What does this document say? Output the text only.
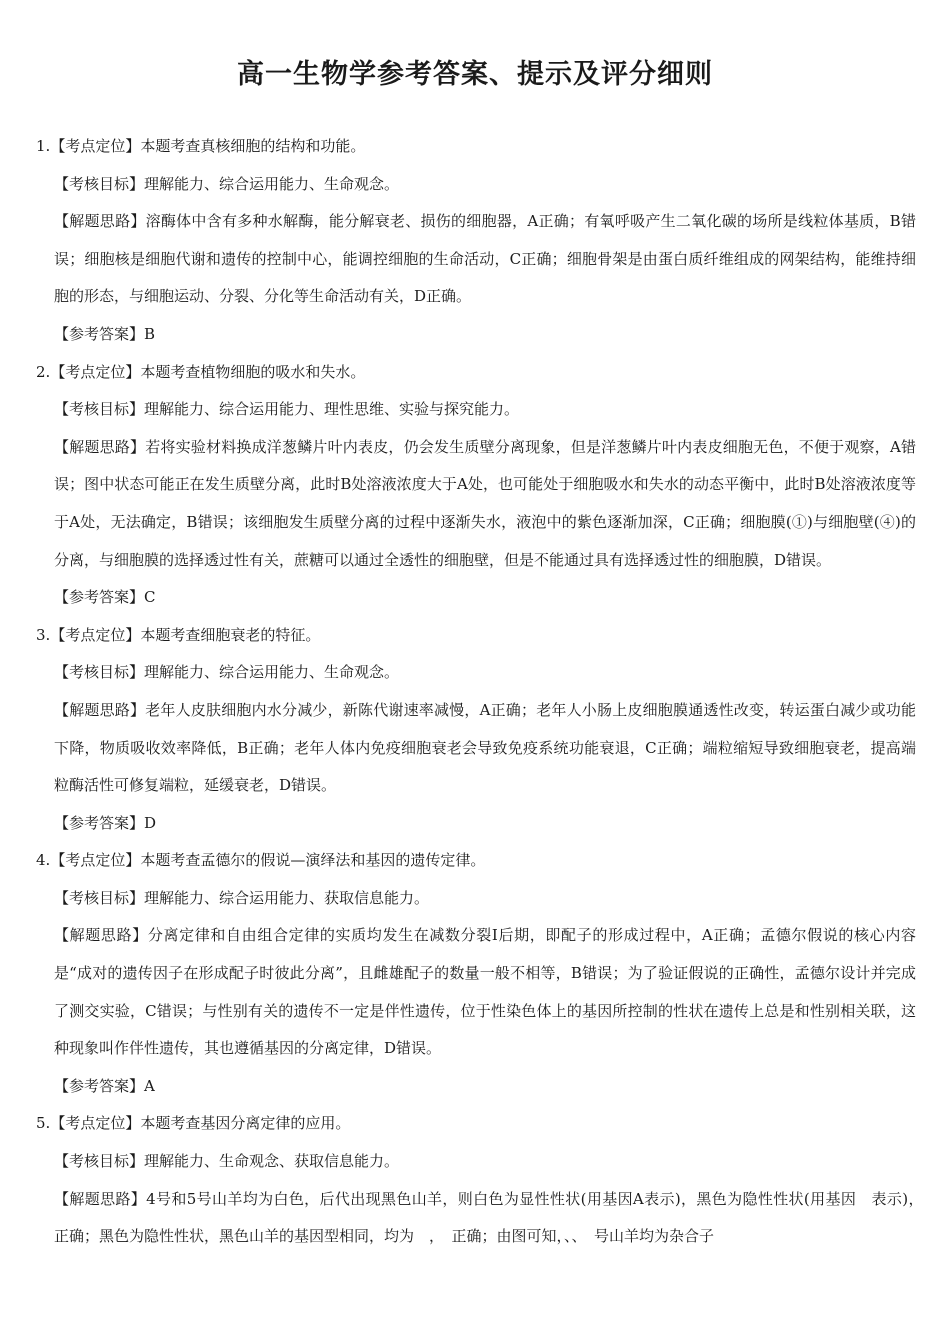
高一生物学参考答案、提示及评分细则

1.【考点定位】本题考查真核细胞的结构和功能。

【考核目标】理解能力、综合运用能力、生命观念。

【解题思路】溶酶体中含有多种水解酶，能分解衰老、损伤的细胞器，A正确；有氧呼吸产生二氧化碳的场所是线粒体基质，B错误；细胞核是细胞代谢和遗传的控制中心，能调控细胞的生命活动，C正确；细胞骨架是由蛋白质纤维组成的网架结构，能维持细胞的形态，与细胞运动、分裂、分化等生命活动有关，D正确。

【参考答案】B

2.【考点定位】本题考查植物细胞的吸水和失水。

【考核目标】理解能力、综合运用能力、理性思维、实验与探究能力。

【解题思路】若将实验材料换成洋葱鳞片叶内表皮，仍会发生质壁分离现象，但是洋葱鳞片叶内表皮细胞无色，不便于观察，A错误；图中状态可能正在发生质壁分离，此时B处溶液浓度大于A处，也可能处于细胞吸水和失水的动态平衡中，此时B处溶液浓度等于A处，无法确定，B错误；该细胞发生质壁分离的过程中逐渐失水，液泡中的紫色逐渐加深，C正确；细胞膜(①)与细胞壁(④)的分离，与细胞膜的选择透过性有关，蔗糖可以通过全透性的细胞壁，但是不能通过具有选择透过性的细胞膜，D错误。

【参考答案】C

3.【考点定位】本题考查细胞衰老的特征。

【考核目标】理解能力、综合运用能力、生命观念。

【解题思路】老年人皮肤细胞内水分减少，新陈代谢速率减慢，A正确；老年人小肠上皮细胞膜通透性改变，转运蛋白减少或功能下降，物质吸收效率降低，B正确；老年人体内免疫细胞衰老会导致免疫系统功能衰退，C正确；端粒缩短导致细胞衰老，提高端粒酶活性可修复端粒，延缓衰老，D错误。

【参考答案】D

4.【考点定位】本题考查孟德尔的假说—演绎法和基因的遗传定律。

【考核目标】理解能力、综合运用能力、获取信息能力。

【解题思路】分离定律和自由组合定律的实质均发生在减数分裂Ⅰ后期，即配子的形成过程中，A正确；孟德尔假说的核心内容是“成对的遗传因子在形成配子时彼此分离”，且雌雄配子的数量一般不相等，B错误；为了验证假说的正确性，孟德尔设计并完成了测交实验，C错误；与性别有关的遗传不一定是伴性遗传，位于性染色体上的基因所控制的性状在遗传上总是和性别相关联，这种现象叫作伴性遗传，其也遵循基因的分离定律，D错误。

【参考答案】A

5.【考点定位】本题考查基因分离定律的应用。

【考核目标】理解能力、生命观念、获取信息能力。

【解题思路】4号和5号山羊均为白色，后代出现黑色山羊，则白色为显性性状(用基因A表示)，黑色为隐性性状(用基因　表示)，　正确；黑色为隐性性状，黑色山羊的基因型相同，均为　，　正确；由图可知，、、　号山羊均为杂合子
